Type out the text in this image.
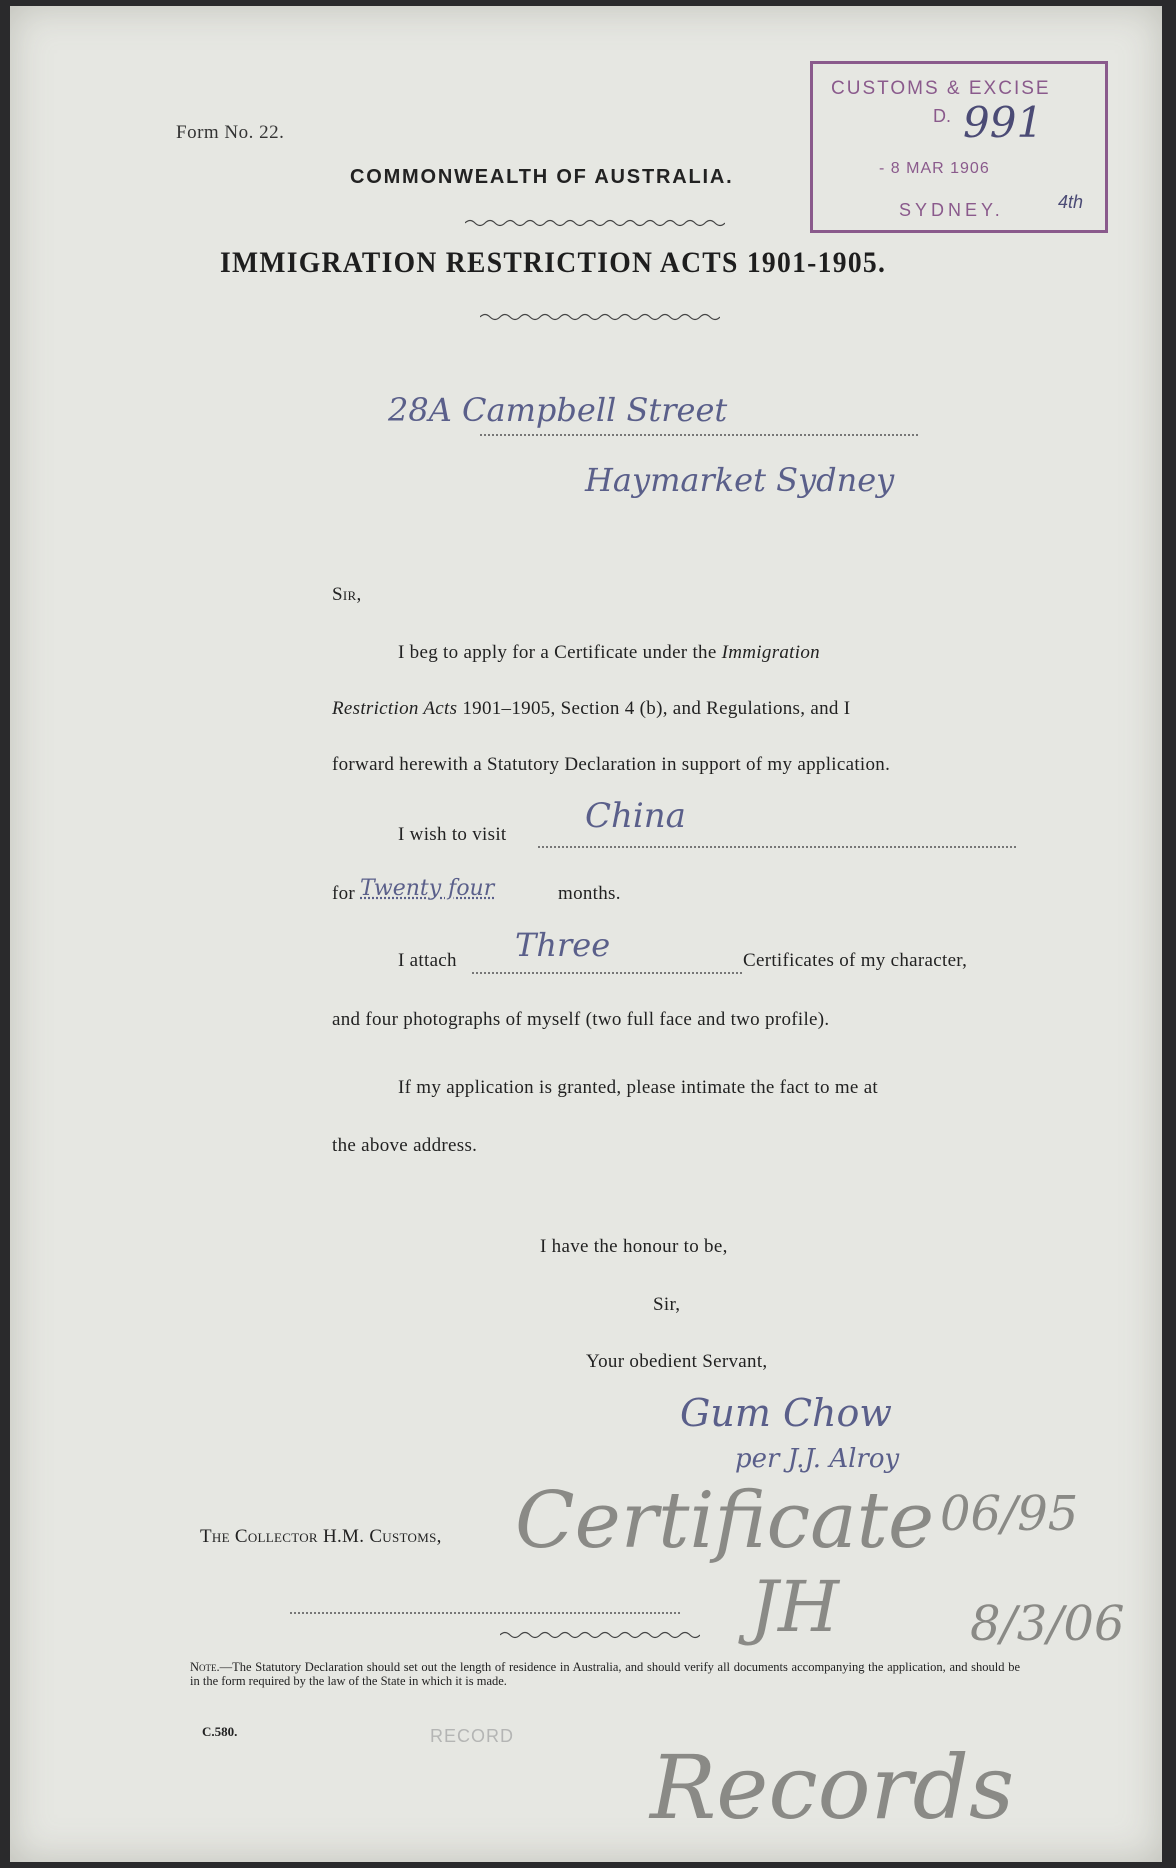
Form No. 22.

COMMONWEALTH OF AUSTRALIA.

IMMIGRATION RESTRICTION ACTS 1901-1905.

CUSTOMS & EXCISE
D. 991
- 8 MAR 1906
SYDNEY.	4th

28A Campbell Street

Haymarket Sydney

Sir,

I beg to apply for a Certificate under the Immigration

Restriction Acts 1901–1905, Section 4 (b), and Regulations, and I

forward herewith a Statutory Declaration in support of my application.

I wish to visit China

for Twenty four	months.

I attach Three	Certificates of my character,

and four photographs of myself (two full face and two profile).

If my application is granted, please intimate the fact to me at

the above address.

I have the honour to be,

Sir,

Your obedient Servant,

Gum Chow

per J.J. Alroy

The Collector H.M. Customs, Certificate 06/95

JH	8/3/06

Note.—The Statutory Declaration should set out the length of residence in Australia, and should verify all documents accompanying the application, and should be in the form required by the law of the State in which it is made.

C.580.	RECORD Records
